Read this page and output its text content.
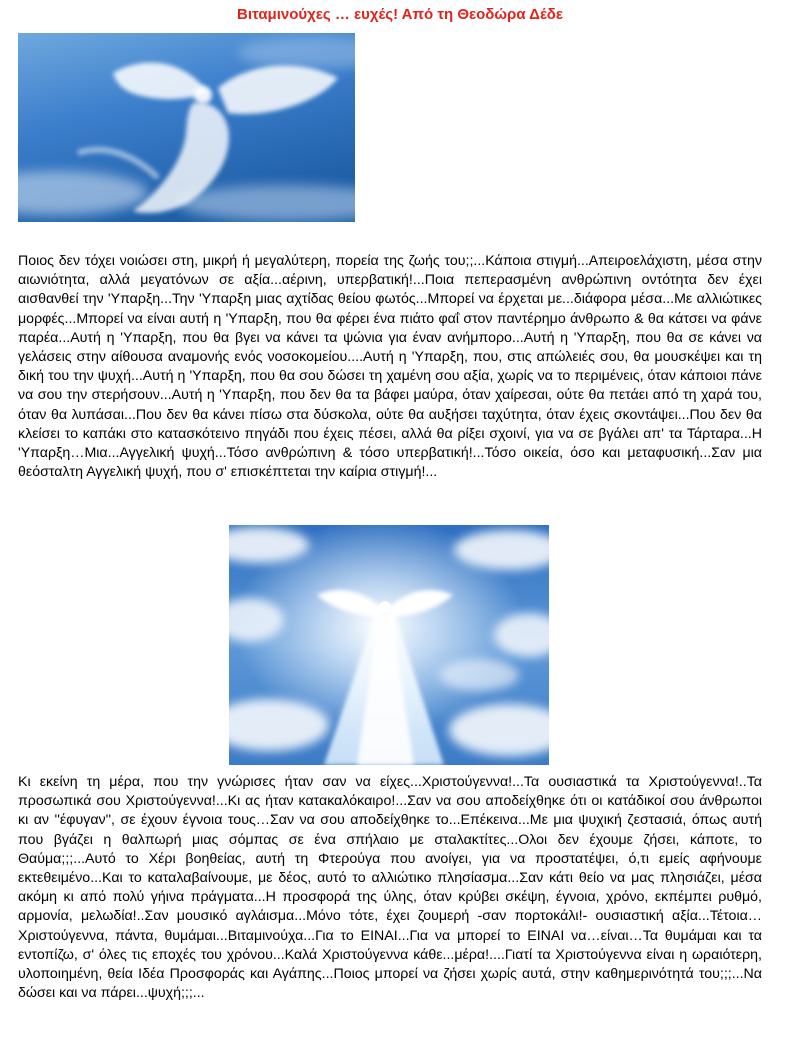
Βιταμινούχες … ευχές! Από τη Θεοδώρα Δέδε

Ποιος δεν τόχει νοιώσει στη, μικρή ή μεγαλύτερη, πορεία της ζωής του;;...Κάποια στιγμή...Απειροελάχιστη, μέσα στην αιωνιότητα, αλλά μεγατόνων σε αξία...αέρινη, υπερβατική!...Ποια πεπερασμένη ανθρώπινη οντότητα δεν έχει αισθανθεί την 'Υπαρξη...Την 'Υπαρξη μιας αχτίδας θείου φωτός...Μπορεί να έρχεται με...διάφορα μέσα...Με αλλιώτικες μορφές...Μπορεί να είναι αυτή η 'Υπαρξη, που θα φέρει ένα πιάτο φαΐ στον παντέρημο άνθρωπο & θα κάτσει να φάνε παρέα...Αυτή η 'Υπαρξη, που θα βγει να κάνει τα ψώνια για έναν ανήμπορο...Αυτή η 'Υπαρξη, που θα σε κάνει να γελάσεις στην αίθουσα αναμονής ενός νοσοκομείου....Αυτή η 'Υπαρξη, που, στις απώλειές σου, θα μουσκέψει και τη δική του την ψυχή...Αυτή η 'Υπαρξη, που θα σου δώσει τη χαμένη σου αξία, χωρίς να το περιμένεις, όταν κάποιοι πάνε να σου την στερήσουν...Αυτή η 'Υπαρξη, που δεν θα τα βάφει μαύρα, όταν χαίρεσαι, ούτε θα πετάει από τη χαρά του, όταν θα λυπάσαι...Που δεν θα κάνει πίσω στα δύσκολα, ούτε θα αυξήσει ταχύτητα, όταν έχεις σκοντάψει...Που δεν θα κλείσει το καπάκι στο κατασκότεινο πηγάδι που έχεις πέσει, αλλά θα ρίξει σχοινί, για να σε βγάλει απ' τα Τάρταρα...Η 'Υπαρξη…Μια...Αγγελική ψυχή...Τόσο ανθρώπινη & τόσο υπερβατική!...Τόσο οικεία, όσο και μεταφυσική...Σαν μια θεόσταλτη Αγγελική ψυχή, που σ' επισκέπτεται την καίρια στιγμή!...

Κι εκείνη τη μέρα, που την γνώρισες ήταν σαν να είχες...Χριστούγεννα!...Τα ουσιαστικά τα Χριστούγεννα!..Τα προσωπικά σου Χριστούγεννα!...Κι ας ήταν κατακαλόκαιρο!...Σαν να σου αποδείχθηκε ότι οι κατάδικοί σου άνθρωποι κι αν ''έφυγαν'', σε έχουν έγνοια τους…Σαν να σου αποδείχθηκε το...Επέκεινα...Με μια ψυχική ζεστασιά, όπως αυτή που βγάζει η θαλπωρή μιας σόμπας σε ένα σπήλαιο με σταλακτίτες...Ολοι δεν έχουμε ζήσει, κάποτε, το Θαύμα;;;...Αυτό το Χέρι βοηθείας, αυτή τη Φτερούγα που ανοίγει, για να προστατέψει, ό,τι εμείς αφήνουμε εκτεθειμένο...Και το καταλαβαίνουμε, με δέος, αυτό το αλλιώτικο πλησίασμα...Σαν κάτι θείο να μας πλησιάζει, μέσα ακόμη κι από πολύ γήινα πράγματα...Η προσφορά της ύλης, όταν κρύβει σκέψη, έγνοια, χρόνο, εκπέμπει ρυθμό, αρμονία, μελωδία!..Σαν μουσικό αγλάισμα...Μόνο τότε, έχει ζουμερή -σαν πορτοκάλι!- ουσιαστική αξία...Τέτοια…Χριστούγεννα, πάντα, θυμάμαι...Βιταμινούχα...Για το ΕΙΝΑΙ...Για να μπορεί το ΕΙΝΑΙ να…είναι…Τα θυμάμαι και τα εντοπίζω, σ' όλες τις εποχές του χρόνου...Καλά Χριστούγεννα κάθε...μέρα!....Γιατί τα Χριστούγεννα είναι η ωραιότερη, υλοποιημένη, θεία Ιδέα Προσφοράς και Αγάπης...Ποιος μπορεί να ζήσει χωρίς αυτά, στην καθημερινότητά του;;;...Να δώσει και να πάρει...ψυχή;;;...
